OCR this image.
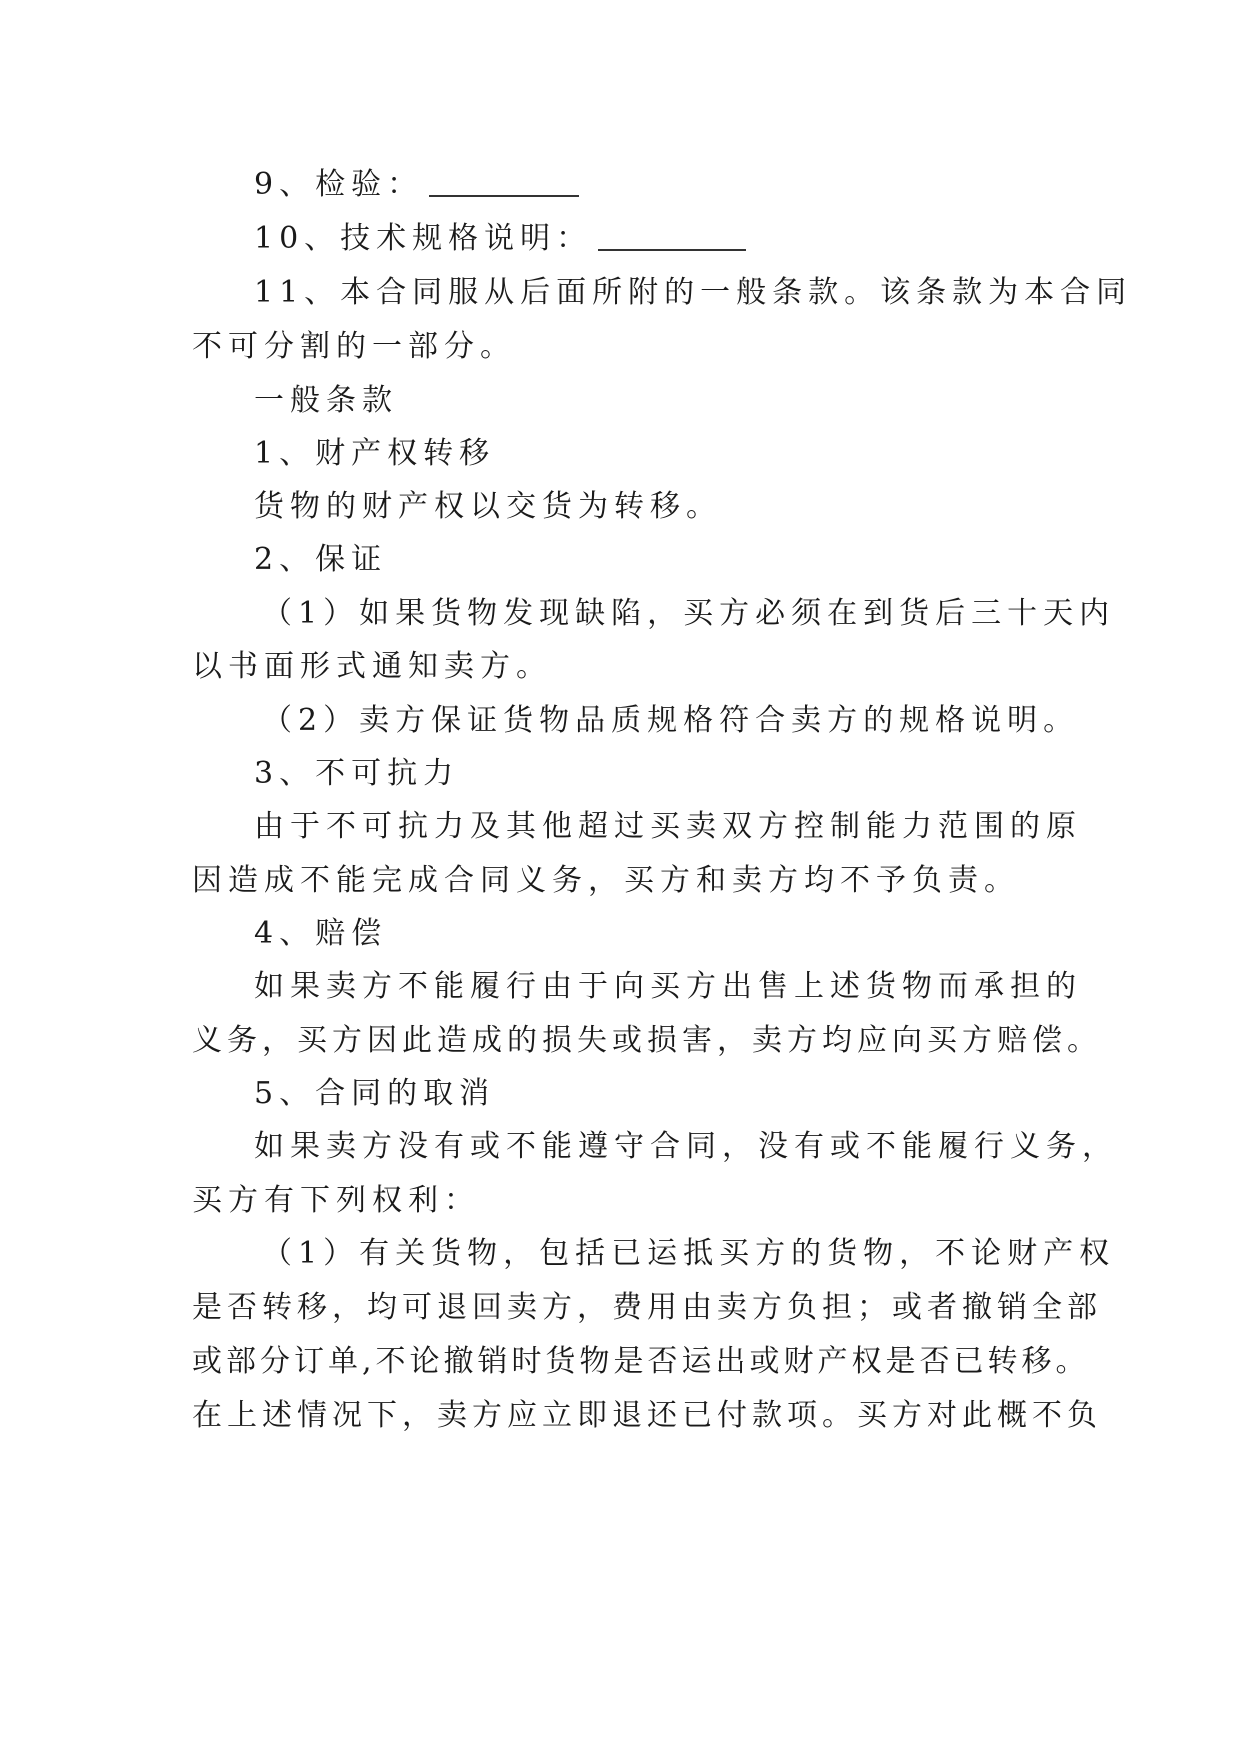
9、检验：
10、技术规格说明：
11、本合同服从后面所附的一般条款。该条款为本合同
不可分割的一部分。
一般条款
1、财产权转移
货物的财产权以交货为转移。
2、保证
（1）如果货物发现缺陷，买方必须在到货后三十天内
以书面形式通知卖方。
（2）卖方保证货物品质规格符合卖方的规格说明。
3、不可抗力
由于不可抗力及其他超过买卖双方控制能力范围的原
因造成不能完成合同义务，买方和卖方均不予负责。
4、赔偿
如果卖方不能履行由于向买方出售上述货物而承担的
义务，买方因此造成的损失或损害，卖方均应向买方赔偿。
5、合同的取消
如果卖方没有或不能遵守合同，没有或不能履行义务，
买方有下列权利：
（1）有关货物，包括已运抵买方的货物，不论财产权
是否转移，均可退回卖方，费用由卖方负担；或者撤销全部
或部分订单,不论撤销时货物是否运出或财产权是否已转移。
在上述情况下，卖方应立即退还已付款项。买方对此概不负
